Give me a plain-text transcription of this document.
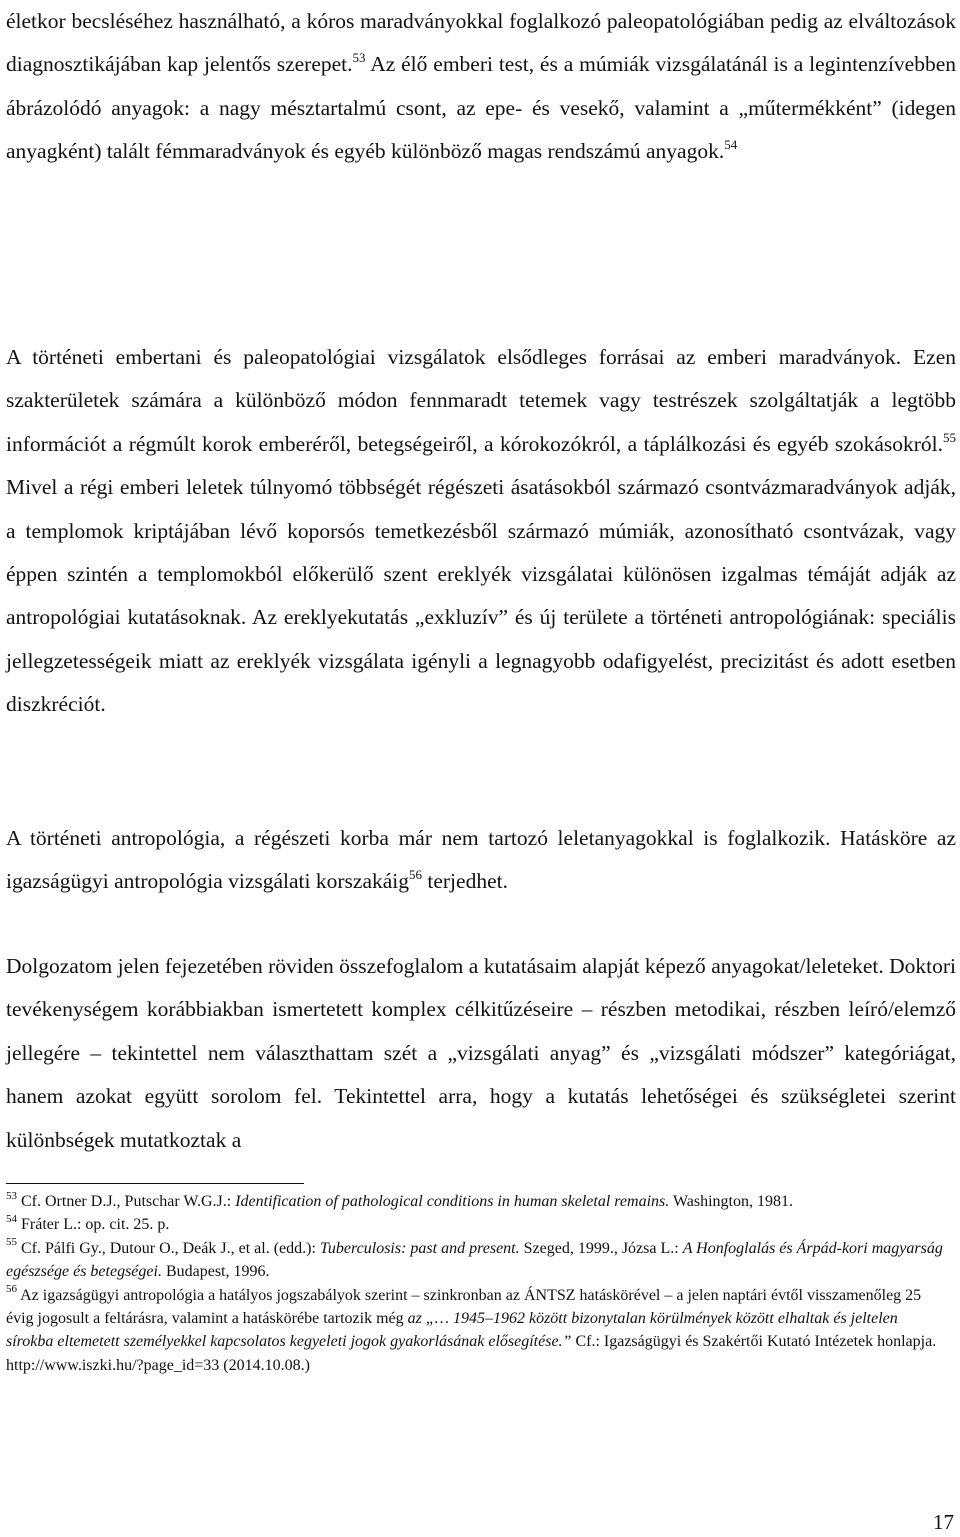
életkor becsléséhez használható, a kóros maradványokkal foglalkozó paleopatológiában pedig az elváltozások diagnosztikájában kap jelentős szerepet.$^{53}$ Az élő emberi test, és a múmiák vizsgálatánál is a legintenzívebben ábrázolódó anyagok: a nagy mésztartalmú csont, az epe- és vesekő, valamint a „műtermékként” (idegen anyagként) talált fémmaradványok és egyéb különböző magas rendszámú anyagok.$^{54}$

A történeti embertani és paleopatológiai vizsgálatok elsődleges forrásai az emberi maradványok. Ezen szakterületek számára a különböző módon fennmaradt tetemek vagy testrészek szolgáltatják a legtöbb információt a régmúlt korok emberéről, betegségeiről, a kórokozókról, a táplálkozási és egyéb szokásokról.$^{55}$ Mivel a régi emberi leletek túlnyomó többségét régészeti ásatásokból származó csontvázmaradványok adják, a templomok kriptájában lévő koporsós temetkezésből származó múmiák, azonosítható csontvázak, vagy éppen szintén a templomokból előkerülő szent ereklyék vizsgálatai különösen izgalmas témáját adják az antropológiai kutatásoknak. Az ereklyekutatás „exkluzív” és új területe a történeti antropológiának: speciális jellegzetességeik miatt az ereklyék vizsgálata igényli a legnagyobb odafigyelést, precizitást és adott esetben diszkréciót.

A történeti antropológia, a régészeti korba már nem tartozó leletanyagokkal is foglalkozik. Hatásköre az igazságügyi antropológia vizsgálati korszakáig$^{56}$ terjedhet.

Dolgozatom jelen fejezetében röviden összefoglalom a kutatásaim alapját képező anyagokat/leleteket. Doktori tevékenységem korábbiakban ismertetett komplex célkitűzéseire – részben metodikai, részben leíró/elemző jellegére – tekintettel nem választhattam szét a „vizsgálati anyag” és „vizsgálati módszer” kategóriágat, hanem azokat együtt sorolom fel. Tekintettel arra, hogy a kutatás lehetőségei és szükségletei szerint különbségek mutatkoztak a

$^{53}$ Cf. Ortner D.J., Putschar W.G.J.: Identification of pathological conditions in human skeletal remains. Washington, 1981.

$^{54}$ Fráter L.: op. cit. 25. p.

$^{55}$ Cf. Pálfi Gy., Dutour O., Deák J., et al. (edd.): Tuberculosis: past and present. Szeged, 1999., Józsa L.: A Honfoglalás és Árpád-kori magyarság egészsége és betegségei. Budapest, 1996.

$^{56}$ Az igazságügyi antropológia a hatályos jogszabályok szerint – szinkronban az ÁNTSZ hatáskörével – a jelen naptári évtől visszamenőleg 25 évig jogosult a feltárásra, valamint a hatáskörébe tartozik még az „… 1945–1962 között bizonytalan körülmények között elhaltak és jeltelen sírokba eltemetett személyekkel kapcsolatos kegyeleti jogok gyakorlásának elősegítése.” Cf.: Igazságügyi és Szakértői Kutató Intézetek honlapja. http://www.iszki.hu/?page_id=33 (2014.10.08.)

17
